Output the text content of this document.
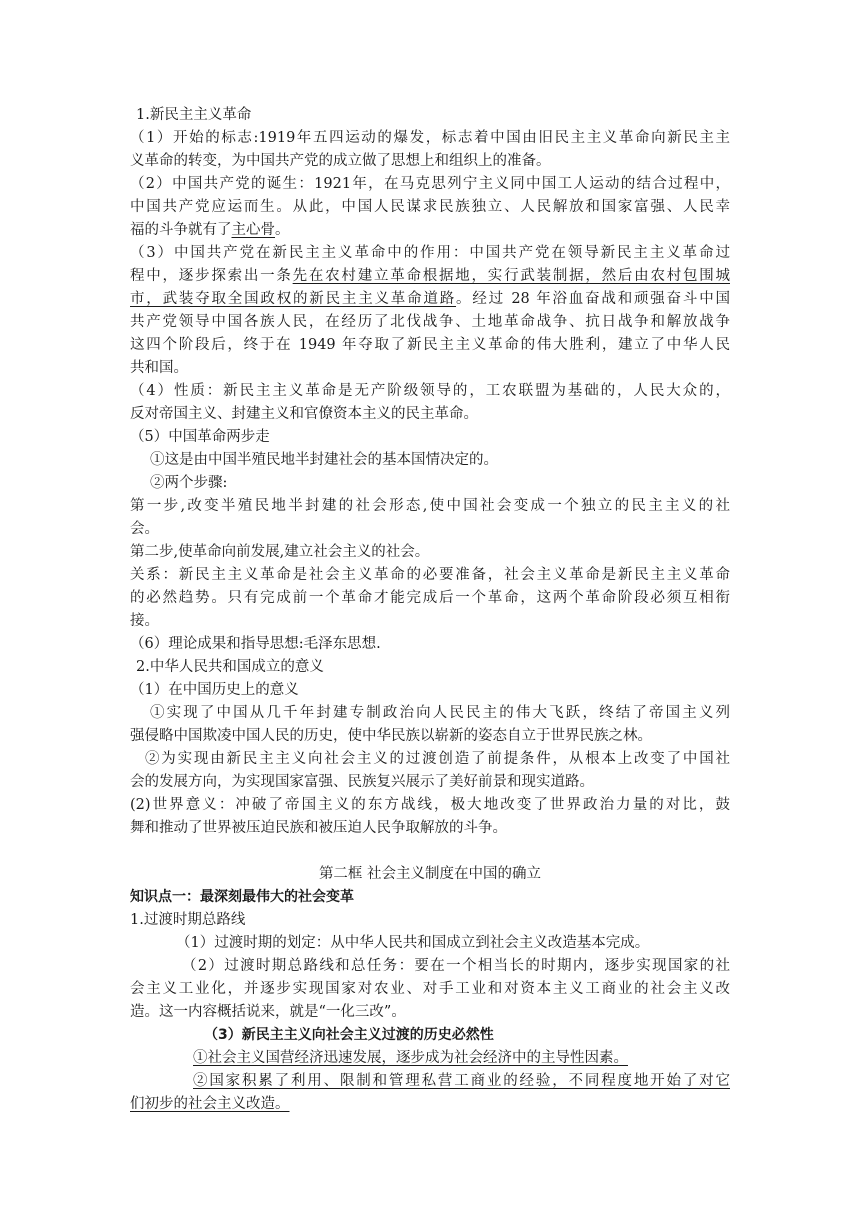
1.新民主主义革命
（1）开始的标志:1919年五四运动的爆发，标志着中国由旧民主主义革命向新民主主
义革命的转变，为中国共产党的成立做了思想上和组织上的准备。
（2）中国共产党的诞生：1921年，在马克思列宁主义同中国工人运动的结合过程中，
中国共产党应运而生。从此，中国人民谋求民族独立、人民解放和国家富强、人民幸
福的斗争就有了主心骨。
（3）中国共产党在新民主主义革命中的作用：中国共产党在领导新民主主义革命过
程中，逐步探索出一条先在农村建立革命根据地，实行武装制据，然后由农村包围城
市，武装夺取全国政权的新民主主义革命道路。经过 28 年浴血奋战和顽强奋斗中国
共产党领导中国各族人民，在经历了北伐战争、土地革命战争、抗日战争和解放战争
这四个阶段后，终于在 1949 年夺取了新民主主义革命的伟大胜利，建立了中华人民
共和国。
（4）性质：新民主主义革命是无产阶级领导的，工农联盟为基础的，人民大众的，
反对帝国主义、封建主义和官僚资本主义的民主革命。
（5）中国革命两步走
①这是由中国半殖民地半封建社会的基本国情决定的。
②两个步骤:
第一步,改变半殖民地半封建的社会形态,使中国社会变成一个独立的民主主义的社
会。
第二步,使革命向前发展,建立社会主义的社会。
关系：新民主主义革命是社会主义革命的必要准备，社会主义革命是新民主主义革命
的必然趋势。只有完成前一个革命才能完成后一个革命，这两个革命阶段必须互相衔
接。
（6）理论成果和指导思想:毛泽东思想.
2.中华人民共和国成立的意义
（1）在中国历史上的意义
①实现了中国从几千年封建专制政治向人民民主的伟大飞跃，终结了帝国主义列
强侵略中国欺凌中国人民的历史，使中华民族以崭新的姿态自立于世界民族之林。
②为实现由新民主主义向社会主义的过渡创造了前提条件，从根本上改变了中国社
会的发展方向，为实现国家富强、民族复兴展示了美好前景和现实道路。
(2)世界意义：冲破了帝国主义的东方战线，极大地改变了世界政治力量的对比，鼓
舞和推动了世界被压迫民族和被压迫人民争取解放的斗争。
第二框 社会主义制度在中国的确立
知识点一：最深刻最伟大的社会变革
1.过渡时期总路线
（1）过渡时期的划定：从中华人民共和国成立到社会主义改造基本完成。
（2）过渡时期总路线和总任务：要在一个相当长的时期内，逐步实现国家的社
会主义工业化，并逐步实现国家对农业、对手工业和对资本主义工商业的社会主义改
造。这一内容概括说来，就是“一化三改”。
（3）新民主主义向社会主义过渡的历史必然性
①社会主义国营经济迅速发展，逐步成为社会经济中的主导性因素。
②国家积累了利用、限制和管理私营工商业的经验，不同程度地开始了对它
们初步的社会主义改造。
